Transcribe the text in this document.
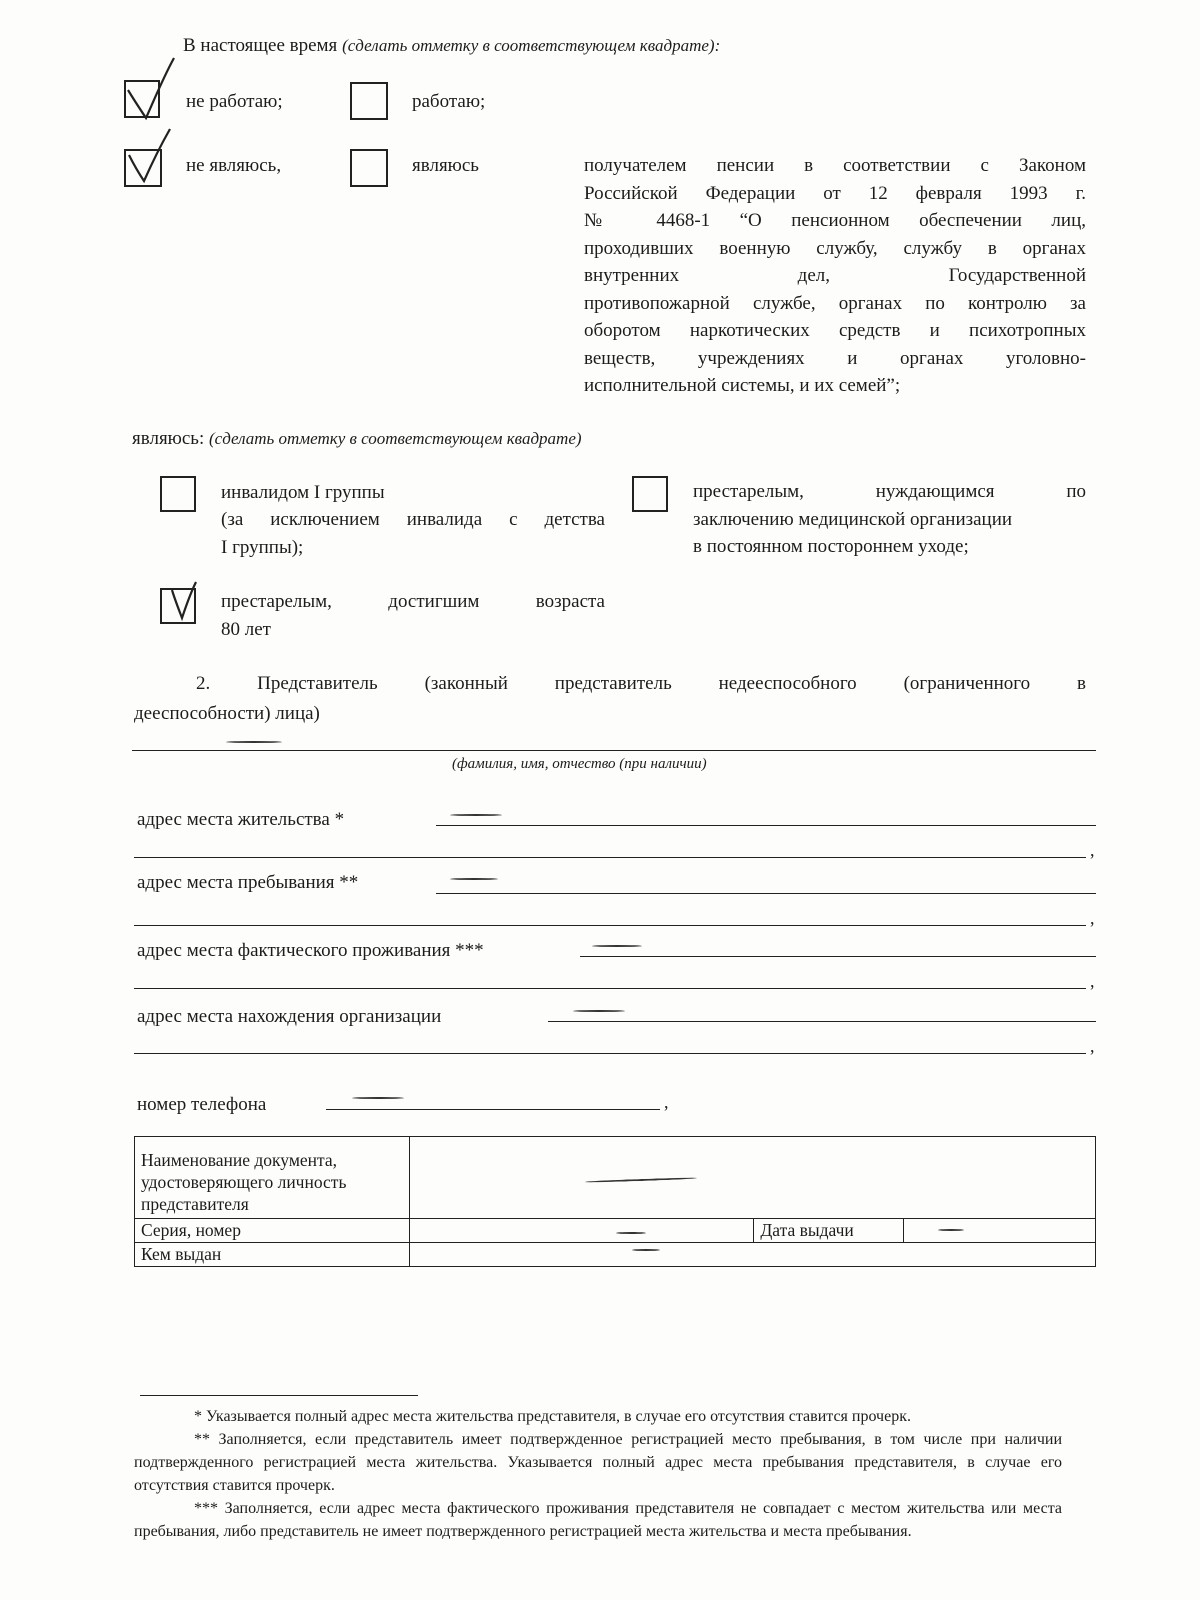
В настоящее время (сделать отметку в соответствующем квадрате):
не работаю;	работаю;
не являюсь,	являюсь	получателем пенсии в соответствии с Законом
Российской Федерации от 12 февраля 1993 г.
№ 4468-1 “О пенсионном обеспечении лиц,
проходивших военную службу, службу в органах
внутренних дел, Государственной
противопожарной службе, органах по контролю за
оборотом наркотических средств и психотропных
веществ, учреждениях и органах уголовно-
исполнительной системы, и их семей”;
являюсь: (сделать отметку в соответствующем квадрате)
инвалидом I группы
(за исключением инвалида с детства
I группы);
престарелым, нуждающимся по
заключению медицинской организации
в постоянном постороннем уходе;
престарелым, достигшим возраста
80 лет
2. Представитель (законный представитель недееспособного (ограниченного в
дееспособности) лица)
(фамилия, имя, отчество (при наличии)
адрес места жительства *
,
адрес места пребывания **
,
адрес места фактического проживания ***
,
адрес места нахождения организации
,
номер телефона	,
Наименование документа, удостоверяющего личность представителя			

Серия, номер		Дата выдачи	

Кем выдан			

* Указывается полный адрес места жительства представителя, в случае его отсутствия ставится прочерк.

** Заполняется, если представитель имеет подтвержденное регистрацией место пребывания, в том числе при наличии подтвержденного регистрацией места жительства. Указывается полный адрес места пребывания представителя, в случае его отсутствия ставится прочерк.

*** Заполняется, если адрес места фактического проживания представителя не совпадает с местом жительства или места пребывания, либо представитель не имеет подтвержденного регистрацией места жительства и места пребывания.
